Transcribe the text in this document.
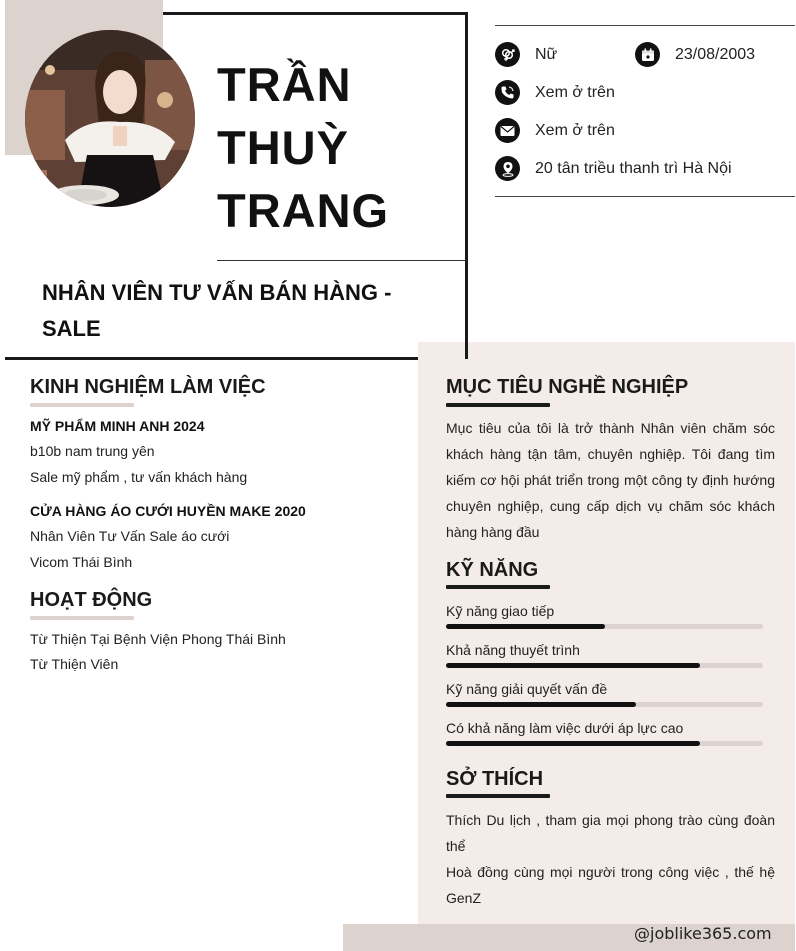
TRẦN
THUỲ
TRANG
NHÂN VIÊN TƯ VẤN BÁN HÀNG - SALE
Nữ	23/08/2003
Xem ở trên
Xem ở trên
20 tân triều thanh trì Hà Nội
KINH NGHIỆM LÀM VIỆC
MỸ PHẨM MINH ANH 2024
b10b nam trung yên
Sale mỹ phẩm , tư vấn khách hàng
CỬA HÀNG ÁO CƯỚI HUYỀN MAKE 2020
Nhân Viên Tư Vấn Sale áo cưới
Vicom Thái Bình
HOẠT ĐỘNG
Từ Thiện Tại Bệnh Viện Phong Thái Bình
Từ Thiện Viên
MỤC TIÊU NGHỀ NGHIỆP
Mục tiêu của tôi là trở thành Nhân viên chăm sóc khách hàng tận tâm, chuyên nghiệp. Tôi đang tìm kiếm cơ hội phát triển trong một công ty định hướng chuyên nghiệp, cung cấp dịch vụ chăm sóc khách hàng hàng đầu
KỸ NĂNG
Kỹ năng giao tiếp
Khả năng thuyết trình
Kỹ năng giải quyết vấn đề
Có khả năng làm việc dưới áp lực cao
SỞ THÍCH
Thích Du lịch , tham gia mọi phong trào cùng đoàn thể
Hoà đồng cùng mọi người trong công việc , thế hệ GenZ
@joblike365.com
